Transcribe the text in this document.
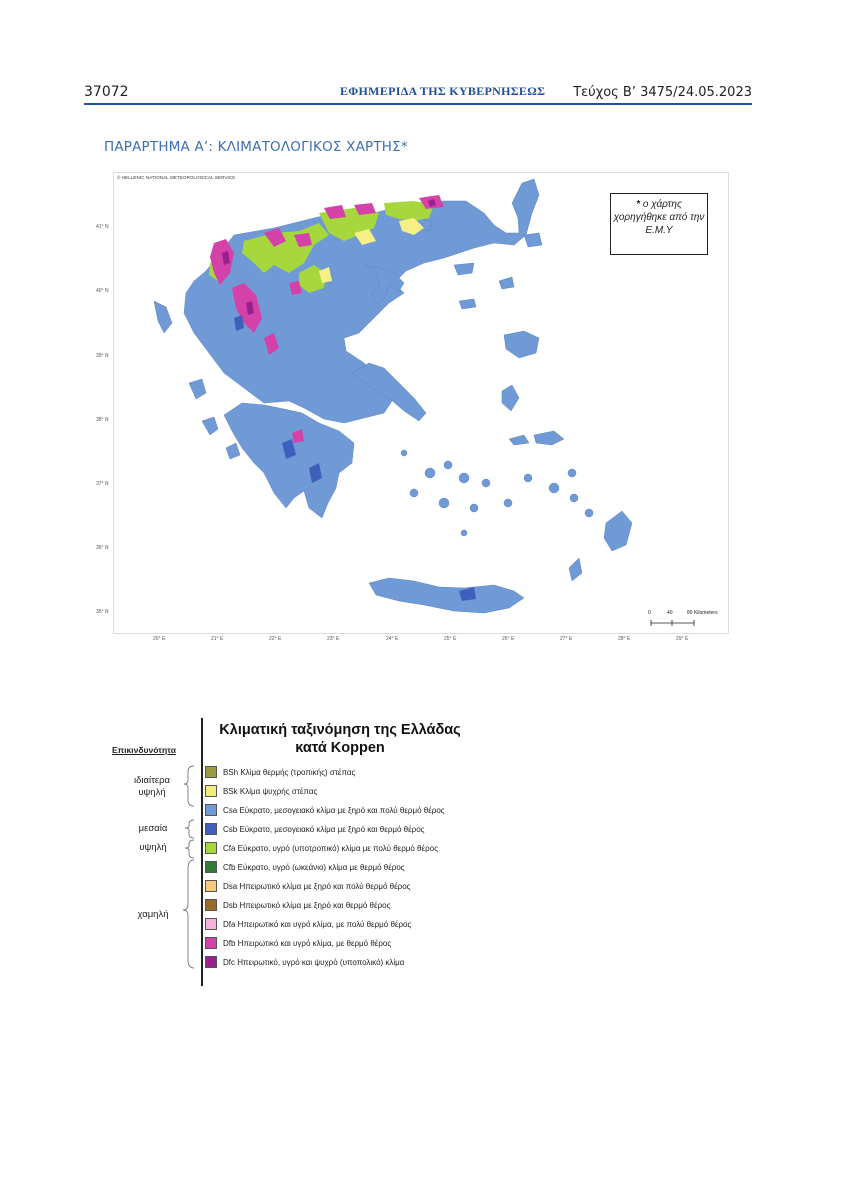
37072	ΕΦΗΜΕΡΙΔΑ ΤΗΣ ΚΥΒΕΡΝΗΣΕΩΣ Τεύχος Β’ 3475/24.05.2023
ΠΑΡΑΡΤΗΜΑ Α’: ΚΛΙΜΑΤΟΛΟΓΙΚΟΣ ΧΑΡΤΗΣ*
© HELLENIC NATIONAL METEOROLOGICAL SERVICE
* ο χάρτης χορηγήθηκε από την Ε.Μ.Υ
41° N
40° N
39° N
38° N
37° N
36° N
35° N
20° E	21° E	22° E	23° E	24° E	25° E	26° E	27° E	28° E	29° E
0	40	80 Kilometers
Κλιματική ταξινόμηση της Ελλάδας
κατά Koppen
Επικινδυνότητα
ιδιαίτερα υψηλή
μεσαία
υψηλή
χαμηλή
BSh Κλίμα θερμής (τροπικής) στέπας
BSk Κλίμα ψυχρής στέπας
Csa Εύκρατο, μεσογειακό κλίμα με ξηρό και πολύ θερμό θέρος
Csb Εύκρατο, μεσογειακό κλίμα με ξηρό και θερμό θέρος
Cfa Εύκρατο, υγρό (υποτροπικό) κλίμα με πολύ θερμό θέρος
Cfb Εύκρατο, υγρό (ωκεάνιο) κλίμα με θερμό θέρος
Dsa Ηπειρωτικό κλίμα με ξηρό και πολύ θερμό θέρος
Dsb Ηπειρωτικό κλίμα με ξηρό και θερμό θέρος
Dfa Ηπειρωτικό και υγρό κλίμα, με πολύ θερμό θέρος
Dfb Ηπειρωτικό και υγρό κλίμα, με θερμό θέρος
Dfc Ηπειρωτικό, υγρό και ψυχρό (υποπολικό) κλίμα
